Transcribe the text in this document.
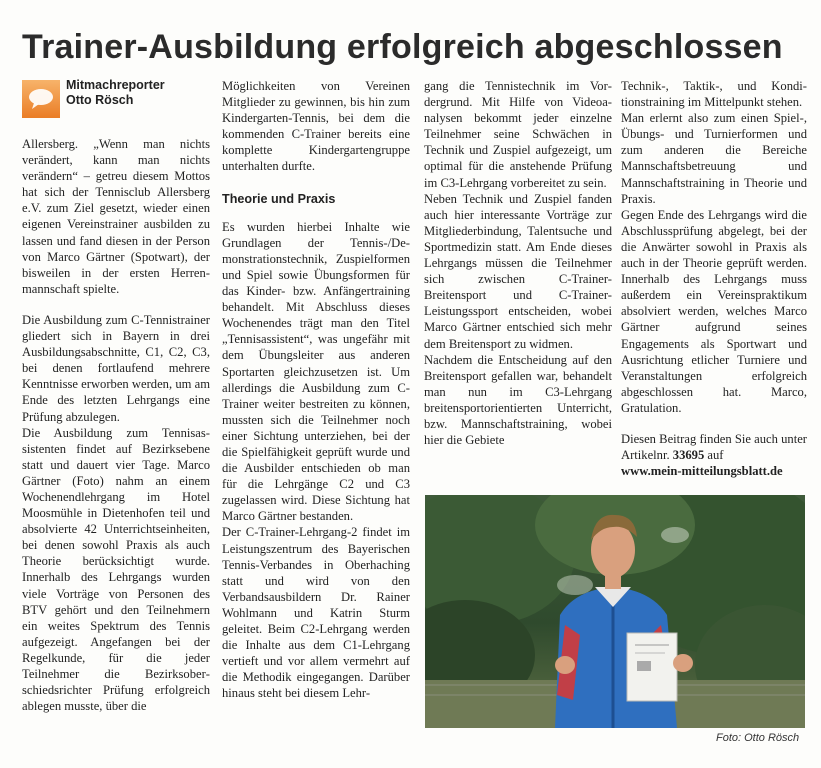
Trainer-Ausbildung erfolgreich abgeschlossen
Mitmachreporter
Otto Rösch

Allersberg. „Wenn man nichts verändert, kann man nichts verändern“ – getreu diesem Mottos hat sich der Tennisclub Allersberg e.V. zum Ziel gesetzt, wieder einen eigenen Vereinstrainer ausbilden zu lassen und fand diesen in der Person von Marco Gärtner (Spotwart), der bisweilen in der ersten Herrenmannschaft spielte.

Die Ausbildung zum C-Tennistrainer gliedert sich in Bayern in drei Ausbildungsabschnitte, C1, C2, C3, bei denen fortlaufend mehrere Kenntnisse erworben werden, um am Ende des letzten Lehrgangs eine Prüfung abzulegen.

Die Ausbildung zum Tennisassistenten findet auf Bezirksebene statt und dauert vier Tage. Marco Gärtner (Foto) nahm an einem Wochenendlehrgang im Hotel Moosmühle in Dietenhofen teil und absolvierte 42 Unterrichtseinheiten, bei denen sowohl Praxis als auch Theorie berücksichtigt wurde. Innerhalb des Lehrgangs wurden viele Vorträge von Personen des BTV gehört und den Teilnehmern ein weites Spektrum des Tennis aufgezeigt. Angefangen bei der Regelkunde, für die jeder Teilnehmer die Bezirksoberschiedsrichter Prüfung erfolgreich ablegen musste, über die

Möglichkeiten von Vereinen Mitglieder zu gewinnen, bis hin zum Kindergarten-Tennis, bei dem die kommenden C-Trainer bereits eine komplette Kindergartengruppe unterhalten durfte.

Theorie und Praxis

Es wurden hierbei Inhalte wie Grundlagen der Tennis-/Demonstrationstechnik, Zuspielformen und Spiel sowie Übungsformen für das Kinder- bzw. Anfängertraining behandelt. Mit Abschluss dieses Wochenendes trägt man den Titel „Tennisassistent“, was ungefähr mit dem Übungsleiter aus anderen Sportarten gleichzusetzen ist. Um allerdings die Ausbildung zum C-Trainer weiter bestreiten zu können, mussten sich die Teilnehmer noch einer Sichtung unterziehen, bei der die Spielfähigkeit geprüft wurde und die Ausbilder entschieden ob man für die Lehrgänge C2 und C3 zugelassen wird. Diese Sichtung hat Marco Gärtner bestanden.

Der C-Trainer-Lehrgang-2 findet im Leistungszentrum des Bayerischen Tennis-Verbandes in Oberhaching statt und wird von den Verbandsausbildern Dr. Rainer Wohlmann und Katrin Sturm geleitet. Beim C2-Lehrgang werden die Inhalte aus dem C1-Lehrgang vertieft und vor allem vermehrt auf die Methodik eingegangen. Darüber hinaus steht bei diesem Lehr-

gang die Tennistechnik im Vordergrund. Mit Hilfe von Videoanalysen bekommt jeder einzelne Teilnehmer seine Schwächen in Technik und Zuspiel aufgezeigt, um optimal für die anstehende Prüfung im C3-Lehrgang vorbereitet zu sein.

Neben Technik und Zuspiel fanden auch hier interessante Vorträge zur Mitgliederbindung, Talentsuche und Sportmedizin statt. Am Ende dieses Lehrgangs müssen die Teilnehmer sich zwischen C-Trainer-Breitensport und C-Trainer-Leistungssport entscheiden, wobei Marco Gärtner entschied sich mehr dem Breitensport zu widmen.

Nachdem die Entscheidung auf den Breitensport gefallen war, behandelt man nun im C3-Lehrgang breitensportorientierten Unterricht, bzw. Mannschaftstraining, wobei hier die Gebiete

Technik-, Taktik-, und Konditionstraining im Mittelpunkt stehen.

Man erlernt also zum einen Spiel-, Übungs- und Turnierformen und zum anderen die Bereiche Mannschaftsbetreuung und Mannschaftstraining in Theorie und Praxis.

Gegen Ende des Lehrgangs wird die Abschlussprüfung abgelegt, bei der die Anwärter sowohl in Praxis als auch in der Theorie geprüft werden. Innerhalb des Lehrgangs muss außerdem ein Vereinspraktikum absolviert werden, welches Marco Gärtner aufgrund seines Engagements als Sportwart und Ausrichtung etlicher Turniere und Veranstaltungen erfolgreich abgeschlossen hat. Marco, Gratulation.

Diesen Beitrag finden Sie auch unter Artikelnr. 33695 auf
www.mein-mitteilungsblatt.de

Foto: Otto Rösch
